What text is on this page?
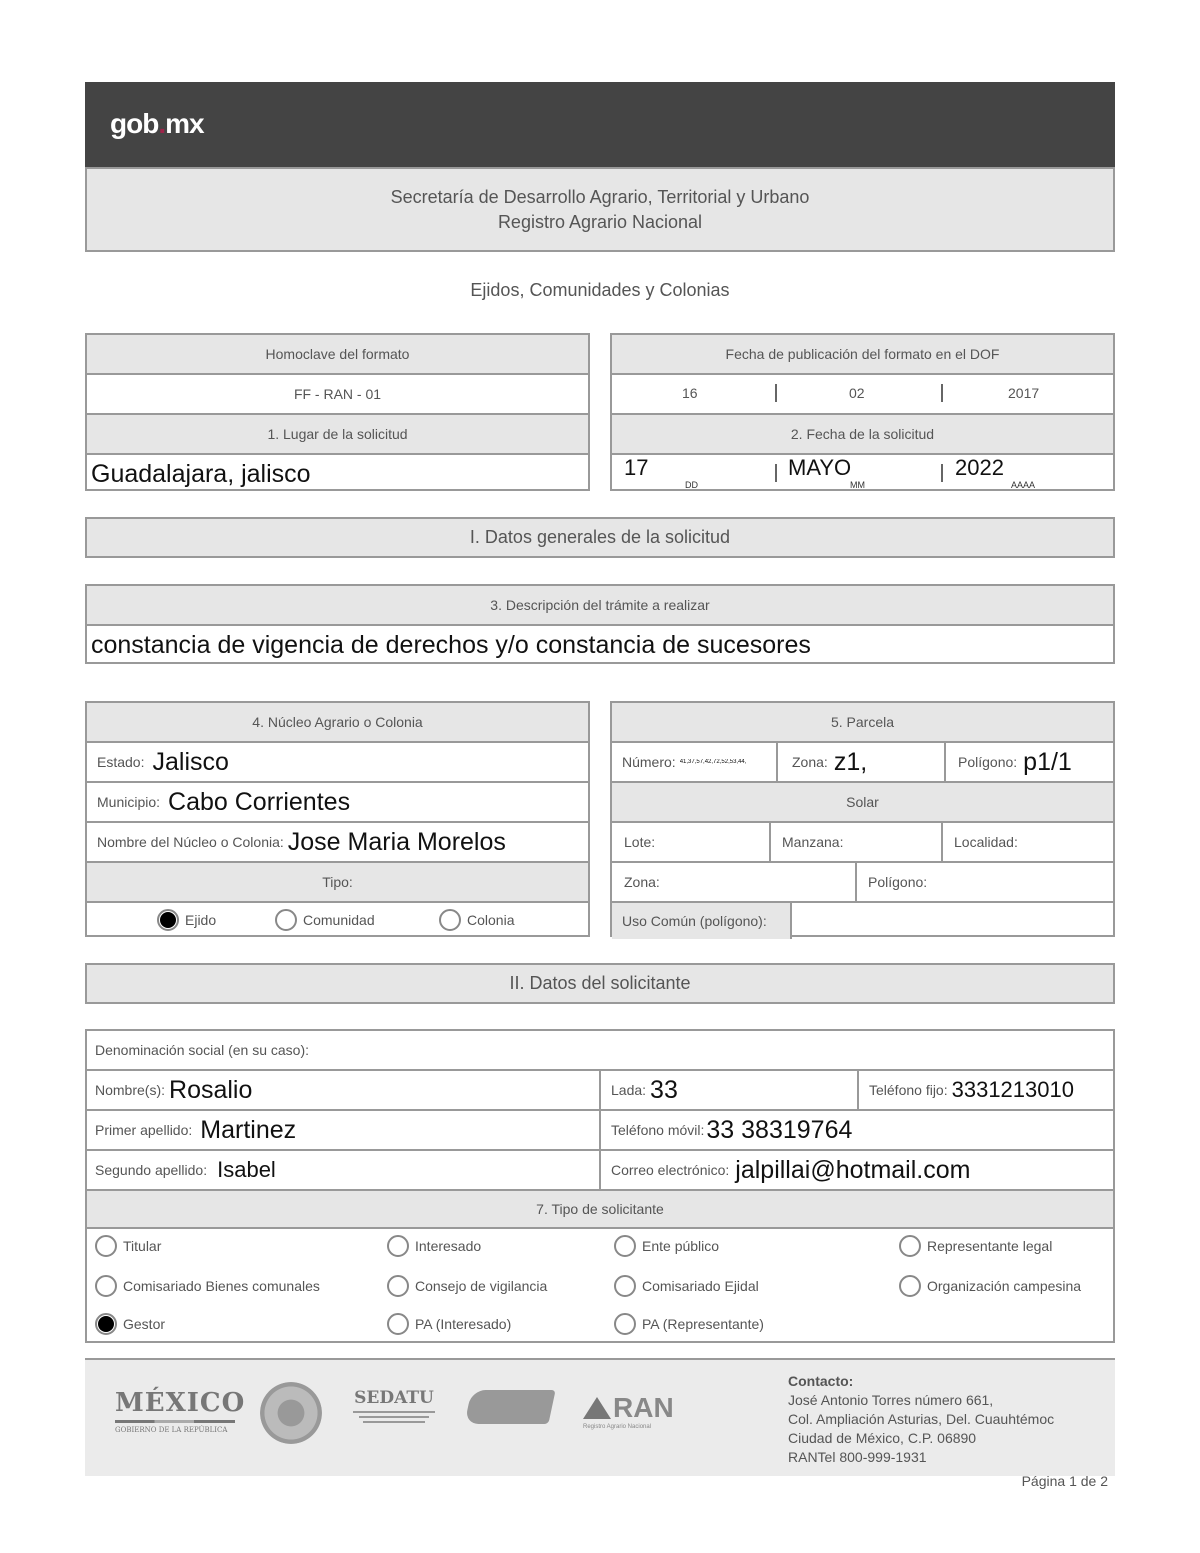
gob.mx
Secretaría de Desarrollo Agrario, Territorial y Urbano
Registro Agrario Nacional
Ejidos, Comunidades y Colonias
Homoclave del formato
FF - RAN - 01
1. Lugar de la solicitud
Guadalajara, jalisco
Fecha de publicación del formato en el DOF
16	02	2017
2. Fecha de la solicitud
17
DD
MAYO
MM
2022
AAAA
I. Datos generales de la solicitud
3. Descripción del trámite a realizar
constancia de vigencia de derechos y/o constancia de sucesores
4. Núcleo Agrario o Colonia
Estado: Jalisco
Municipio: Cabo Corrientes
Nombre del Núcleo o Colonia: Jose Maria Morelos
Tipo:
Ejido	Comunidad	Colonia
5. Parcela
Número: 41,37,57,42,72,52,53,44,	Zona: z1,	Polígono: p1/1
Solar
Lote:	Manzana:	Localidad:
Zona:	Polígono:
Uso Común (polígono):
II. Datos del solicitante
Denominación social (en su caso):
Nombre(s): Rosalio	Lada: 33	Teléfono fijo: 3331213010
Primer apellido: Martinez	Teléfono móvil: 33 38319764
Segundo apellido: Isabel	Correo electrónico: jalpillai@hotmail.com
7. Tipo de solicitante
Titular	Interesado	Ente público	Representante legal
Comisariado Bienes comunales	Consejo de vigilancia	Comisariado Ejidal	Organización campesina
Gestor	PA (Interesado)	PA (Representante)
MÉXICO
GOBIERNO DE LA REPÚBLICA
SEDATU	RAN
Registro Agrario Nacional
Contacto:
José Antonio Torres número 661,
Col. Ampliación Asturias, Del. Cuauhtémoc
Ciudad de México, C.P. 06890
RANTel 800-999-1931
Página 1 de 2
